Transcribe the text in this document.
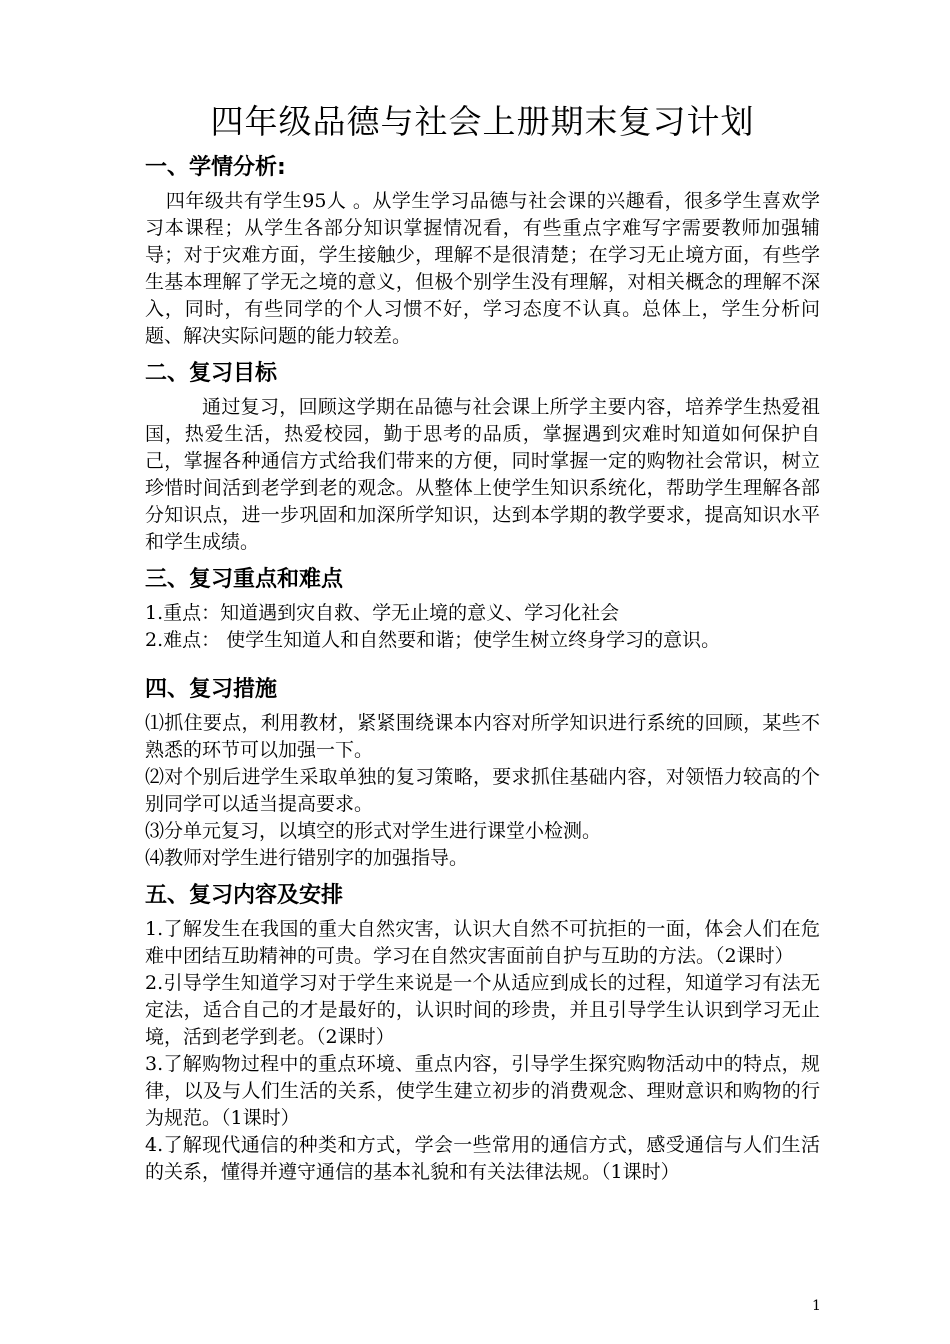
四年级品德与社会上册期末复习计划
一、学情分析:

四年级共有学生95人 。从学生学习品德与社会课的兴趣看，很多学生喜欢学习本课程；从学生各部分知识掌握情况看，有些重点字难写字需要教师加强辅导；对于灾难方面，学生接触少，理解不是很清楚；在学习无止境方面，有些学生基本理解了学无之境的意义，但极个别学生没有理解，对相关概念的理解不深入，同时，有些同学的个人习惯不好，学习态度不认真。总体上，学生分析问题、解决实际问题的能力较差。

二、复习目标

通过复习，回顾这学期在品德与社会课上所学主要内容，培养学生热爱祖国，热爱生活，热爱校园，勤于思考的品质，掌握遇到灾难时知道如何保护自己，掌握各种通信方式给我们带来的方便，同时掌握一定的购物社会常识，树立珍惜时间活到老学到老的观念。从整体上使学生知识系统化，帮助学生理解各部分知识点，进一步巩固和加深所学知识，达到本学期的教学要求，提高知识水平和学生成绩。

三、复习重点和难点

1.重点：知道遇到灾自救、学无止境的意义、学习化社会

2.难点： 使学生知道人和自然要和谐；使学生树立终身学习的意识。

四、复习措施

⑴抓住要点，利用教材，紧紧围绕课本内容对所学知识进行系统的回顾，某些不熟悉的环节可以加强一下。

⑵对个别后进学生采取单独的复习策略，要求抓住基础内容，对领悟力较高的个别同学可以适当提高要求。

⑶分单元复习，以填空的形式对学生进行课堂小检测。

⑷教师对学生进行错别字的加强指导。

五、复习内容及安排

1.了解发生在我国的重大自然灾害，认识大自然不可抗拒的一面，体会人们在危难中团结互助精神的可贵。学习在自然灾害面前自护与互助的方法。（2课时）

2.引导学生知道学习对于学生来说是一个从适应到成长的过程，知道学习有法无定法，适合自己的才是最好的，认识时间的珍贵，并且引导学生认识到学习无止境，活到老学到老。（2课时）

3.了解购物过程中的重点环境、重点内容，引导学生探究购物活动中的特点，规律，以及与人们生活的关系，使学生建立初步的消费观念、理财意识和购物的行为规范。（1课时）

4.了解现代通信的种类和方式，学会一些常用的通信方式，感受通信与人们生活的关系，懂得并遵守通信的基本礼貌和有关法律法规。（1课时）

1
